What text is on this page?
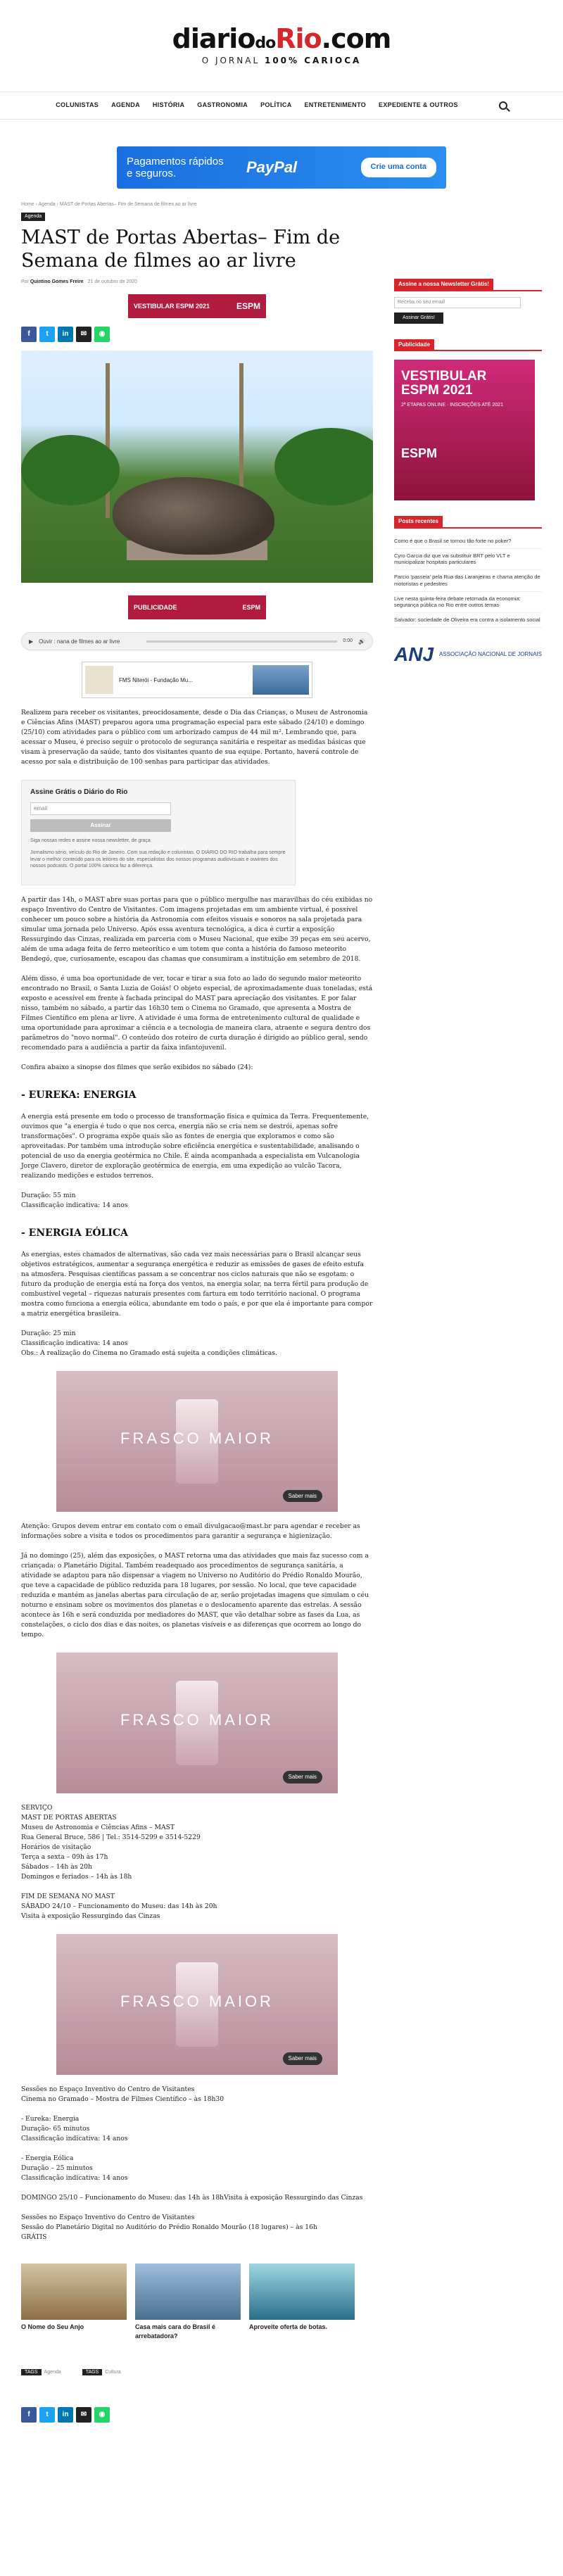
diariodoRio.com
O JORNAL 100% CARIOCA
COLUNISTAS AGENDA HISTÓRIA GASTRONOMIA POLÍTICA ENTRETENIMENTO EXPEDIENTE & OUTROS
Pagamentos rápidos e seguros.	PayPal	Crie uma conta
Home › Agenda › MAST de Portas Abertas– Fim de Semana de filmes ao ar livre
Agenda
MAST de Portas Abertas– Fim de Semana de filmes ao ar livre
Por Quintino Gomes Freire 21 de outubro de 2020
VESTIBULAR ESPM 2021	ESPM
f	t	in	✉	◉
PUBLICIDADE	ESPM
▶ Ouvir : nana de filmes ao ar livre	0:00 🔊
FMS Niterói - Fundação Mu...

Realizem para receber os visitantes, preocidosamente, desde o Dia das Crianças, o Museu de Astronomia e Ciências Afins (MAST) preparou agora uma programação especial para este sábado (24/10) e domingo (25/10) com atividades para o público com um arborizado campus de 44 mil m². Lembrando que, para acessar o Museu, é preciso seguir o protocolo de segurança sanitária e respeitar as medidas básicas que visam à preservação da saúde, tanto dos visitantes quanto de sua equipe. Portanto, haverá controle de acesso por sala e distribuição de 100 senhas para participar das atividades.

Assine Grátis o Diário do Rio
email
Assinar
Siga nossas redes e assine nossa newsletter, de graça
Jornalismo sério, veículo do Rio de Janeiro. Com sua redação e colunistas. O DIÁRIO DO RIO trabalha para sempre levar o melhor conteúdo para os leitores do site, especialistas dos nossos programas audiovisuais e ouvintes dos nossos podcasts. O portal 100% carioca faz a diferença.

A partir das 14h, o MAST abre suas portas para que o público mergulhe nas maravilhas do céu exibidas no espaço Inventivo do Centro de Visitantes. Com imagens projetadas em um ambiente virtual, é possível conhecer um pouco sobre a história da Astronomia com efeitos visuais e sonoros na sala projetada para simular uma jornada pelo Universo. Após essa aventura tecnológica, a dica é curtir a exposição Ressurgindo das Cinzas, realizada em parceria com o Museu Nacional, que exibe 39 peças em seu acervo, além de uma adaga feita de ferro meteorítico e um totem que conta a história do famoso meteorito Bendegó, que, curiosamente, escapou das chamas que consumiram a instituição em setembro de 2018.

Além disso, é uma boa oportunidade de ver, tocar e tirar a sua foto ao lado do segundo maior meteorito encontrado no Brasil, o Santa Luzia de Goiás! O objeto especial, de aproximadamente duas toneladas, está exposto e acessível em frente à fachada principal do MAST para apreciação dos visitantes. E por falar nisso, também no sábado, a partir das 16h30 tem o Cinema no Gramado, que apresenta a Mostra de Filmes Científico em plena ar livre. A atividade é uma forma de entretenimento cultural de qualidade e uma oportunidade para aproximar a ciência e a tecnologia de maneira clara, atraente e segura dentro dos parâmetros do "novo normal". O conteúdo dos roteiro de curta duração é dirigido ao público geral, sendo recomendado para a audiência a partir da faixa infantojuvenil.

Confira abaixo a sinopse dos filmes que serão exibidos no sábado (24):

- EUREKA: ENERGIA

A energia está presente em todo o processo de transformação física e química da Terra. Frequentemente, ouvimos que "a energia é tudo o que nos cerca, energia não se cria nem se destrói, apenas sofre transformações". O programa expõe quais são as fontes de energia que exploramos e como são aproveitadas. Por também uma introdução sobre eficiência energética e sustentabilidade, analisando o potencial de uso da energia geotérmica no Chile. É ainda acompanhada a especialista em Vulcanologia Jorge Clavero, diretor de exploração geotérmica de energia, em uma expedição ao vulcão Tacora, realizando medições e estudos terrenos.

Duração: 55 min
Classificação indicativa: 14 anos

- ENERGIA EÓLICA

As energias, estes chamados de alternativas, são cada vez mais necessárias para o Brasil alcançar seus objetivos estratégicos, aumentar a segurança energética e reduzir as emissões de gases de efeito estufa na atmosfera. Pesquisas científicas passam a se concentrar nos ciclos naturais que não se esgotam: o futuro da produção de energia está na força dos ventos, na energia solar, na terra fértil para produção de combustível vegetal – riquezas naturais presentes com fartura em todo território nacional. O programa mostra como funciona a energia eólica, abundante em todo o país, e por que ela é importante para compor a matriz energética brasileira.

Duração: 25 min
Classificação indicativa: 14 anos
Obs.: A realização do Cinema no Gramado está sujeita a condições climáticas.

FRASCO MAIOR
Saber mais

Atenção: Grupos devem entrar em contato com o email divulgacao@mast.br para agendar e receber as informações sobre a visita e todos os procedimentos para garantir a segurança e higienização.

Já no domingo (25), além das exposições, o MAST retorna uma das atividades que mais faz sucesso com a criançada: o Planetário Digital. Também readequado aos procedimentos de segurança sanitária, a atividade se adaptou para não dispensar a viagem no Universo no Auditório do Prédio Ronaldo Mourão, que teve a capacidade de público reduzida para 18 lugares, por sessão. No local, que teve capacidade reduzida e mantém as janelas abertas para circulação de ar, serão projetadas imagens que simulam o céu noturno e ensinam sobre os movimentos dos planetas e o deslocamento aparente das estrelas. A sessão acontece às 16h e será conduzida por mediadores do MAST, que vão detalhar sobre as fases da Lua, as constelações, o ciclo dos dias e das noites, os planetas visíveis e as diferenças que ocorrem ao longo do tempo.

FRASCO MAIOR
Saber mais

SERVIÇO
MAST DE PORTAS ABERTAS
Museu de Astronomia e Ciências Afins – MAST
Rua General Bruce, 586 | Tel.: 3514-5299 e 3514-5229
Horários de visitação
Terça a sexta – 09h às 17h
Sábados – 14h às 20h
Domingos e feriados – 14h às 18h

FIM DE SEMANA NO MAST
SÁBADO 24/10 – Funcionamento do Museu: das 14h às 20h
Visita à exposição Ressurgindo das Cinzas

FRASCO MAIOR
Saber mais

Sessões no Espaço Inventivo do Centro de Visitantes
Cinema no Gramado – Mostra de Filmes Científico – às 18h30

- Eureka: Energia
Duração- 65 minutos
Classificação indicativa: 14 anos

- Energia Eólica
Duração – 25 minutos
Classificação indicativa: 14 anos

DOMINGO 25/10 – Funcionamento do Museu: das 14h às 18hVisita à exposição Ressurgindo das Cinzas

Sessões no Espaço Inventivo do Centro de Visitantes
Sessão do Planetário Digital no Auditório do Prédio Ronaldo Mourão (18 lugares) – às 16h
GRÁTIS

O Nome do Seu Anjo	Casa mais cara do Brasil é arrebatadora?
Aproveite oferta de botas.
TAGS Agenda	TAGS Cultura
f	t	in	✉	◉
Assine a nossa Newsletter Grátis!
Receba no seu email!
Assinar Grátis!
Publicidade
VESTIBULAR ESPM 2021
2ª ETAPAS ONLINE · INSCRIÇÕES ATÉ 2021
ESPM
Posts recentes
Como é que o Brasil se tornou tão forte no poker?
Cyro Garcia diz que vai substituir BRT pelo VLT e municipalizar hospitais particulares
Parcio 'passeia' pela Rua das Laranjeiras e chama atenção de motoristas e pedestres
Live nesta quinta-feira debate retomada da economia: segurança pública no Rio entre outros temas
Salvador: sociedade de Oliveira era contra a isolamento social
ANJ ASSOCIAÇÃO NACIONAL DE JORNAIS
